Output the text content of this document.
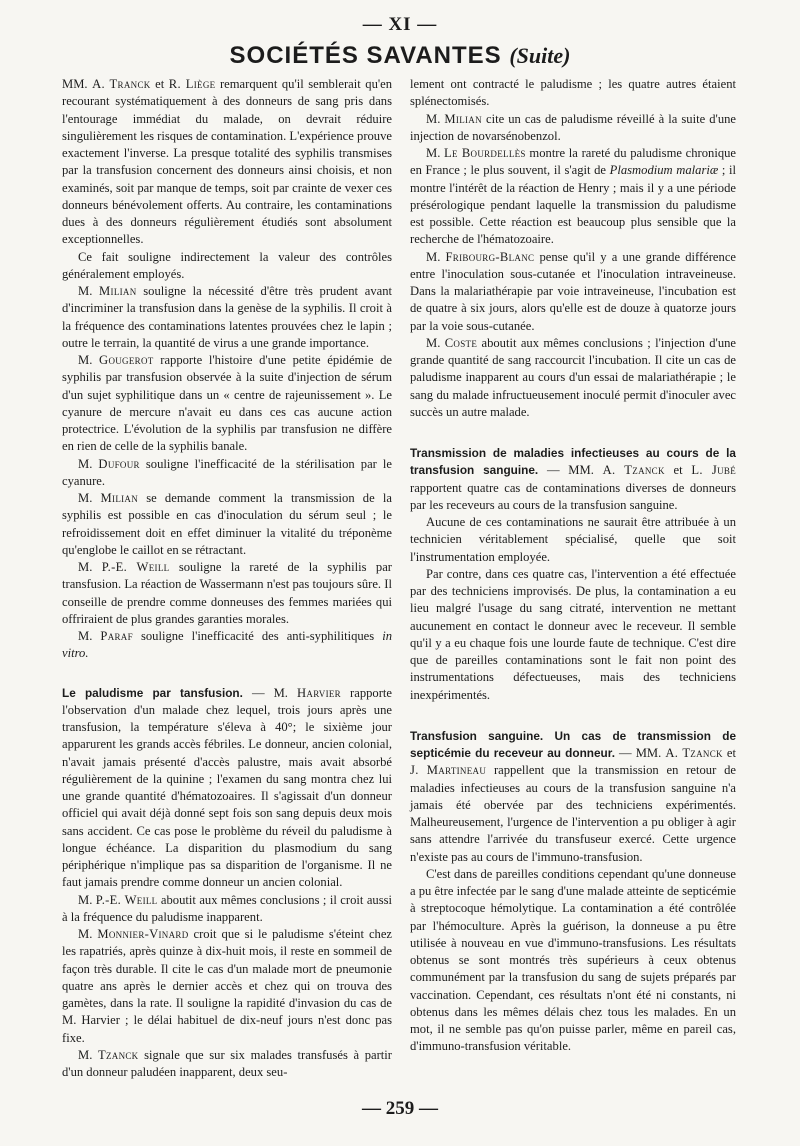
— XI —
SOCIÉTÉS SAVANTES (Suite)

MM. A. Tranck et R. Liège remarquent qu'il semblerait qu'en recourant systématiquement à des donneurs de sang pris dans l'entourage immédiat du malade, on devrait réduire singulièrement les risques de contamination. L'expérience prouve exactement l'inverse. La presque totalité des syphilis transmises par la transfusion concernent des donneurs ainsi choisis, et non examinés, soit par manque de temps, soit par crainte de vexer ces donneurs bénévolement offerts. Au contraire, les contaminations dues à des donneurs régulièrement étudiés sont absolument exceptionnelles.

Ce fait souligne indirectement la valeur des contrôles généralement employés.

M. Milian souligne la nécessité d'être très prudent avant d'incriminer la transfusion dans la genèse de la syphilis. Il croit à la fréquence des contaminations latentes prouvées chez le lapin ; outre le terrain, la quantité de virus a une grande importance.

M. Gougerot rapporte l'histoire d'une petite épidémie de syphilis par transfusion observée à la suite d'injection de sérum d'un sujet syphilitique dans un « centre de rajeunissement ». Le cyanure de mercure n'avait eu dans ces cas aucune action protectrice. L'évolution de la syphilis par transfusion ne diffère en rien de celle de la syphilis banale.

M. Dufour souligne l'inefficacité de la stérilisation par le cyanure.

M. Milian se demande comment la transmission de la syphilis est possible en cas d'inoculation du sérum seul ; le refroidissement doit en effet diminuer la vitalité du tréponème qu'englobe le caillot en se rétractant.

M. P.-E. Weill souligne la rareté de la syphilis par transfusion. La réaction de Wassermann n'est pas toujours sûre. Il conseille de prendre comme donneuses des femmes mariées qui offriraient de plus grandes garanties morales.

M. Paraf souligne l'inefficacité des anti-syphilitiques in vitro.

Le paludisme par tansfusion. — M. Harvier rapporte l'observation d'un malade chez lequel, trois jours après une transfusion, la température s'éleva à 40°; le sixième jour apparurent les grands accès fébriles. Le donneur, ancien colonial, n'avait jamais présenté d'accès palustre, mais avait absorbé régulièrement de la quinine ; l'examen du sang montra chez lui une grande quantité d'hématozoaires. Il s'agissait d'un donneur officiel qui avait déjà donné sept fois son sang depuis deux mois sans accident. Ce cas pose le problème du réveil du paludisme à longue échéance. La disparition du plasmodium du sang périphérique n'implique pas sa disparition de l'organisme. Il ne faut jamais prendre comme donneur un ancien colonial.

M. P.-E. Weill aboutit aux mêmes conclusions ; il croit aussi à la fréquence du paludisme inapparent.

M. Monnier-Vinard croit que si le paludisme s'éteint chez les rapatriés, après quinze à dix-huit mois, il reste en sommeil de façon très durable. Il cite le cas d'un malade mort de pneumonie quatre ans après le dernier accès et chez qui on trouva des gamètes, dans la rate. Il souligne la rapidité d'invasion du cas de M. Harvier ; le délai habituel de dix-neuf jours n'est donc pas fixe.

M. Tzanck signale que sur six malades transfusés à partir d'un donneur paludéen inapparent, deux seu-

lement ont contracté le paludisme ; les quatre autres étaient splénectomisés.

M. Milian cite un cas de paludisme réveillé à la suite d'une injection de novarsénobenzol.

M. Le Bourdellès montre la rareté du paludisme chronique en France ; le plus souvent, il s'agit de Plasmodium malariæ ; il montre l'intérêt de la réaction de Henry ; mais il y a une période présérologique pendant laquelle la transmission du paludisme est possible. Cette réaction est beaucoup plus sensible que la recherche de l'hématozoaire.

M. Fribourg-Blanc pense qu'il y a une grande différence entre l'inoculation sous-cutanée et l'inoculation intraveineuse. Dans la malariathérapie par voie intraveineuse, l'incubation est de quatre à six jours, alors qu'elle est de douze à quatorze jours par la voie sous-cutanée.

M. Coste aboutit aux mêmes conclusions ; l'injection d'une grande quantité de sang raccourcit l'incubation. Il cite un cas de paludisme inapparent au cours d'un essai de malariathérapie ; le sang du malade infructueusement inoculé permit d'inoculer avec succès un autre malade.

Transmission de maladies infectieuses au cours de la transfusion sanguine. — MM. A. Tzanck et L. Jubé rapportent quatre cas de contaminations diverses de donneurs par les receveurs au cours de la transfusion sanguine.

Aucune de ces contaminations ne saurait être attribuée à un technicien véritablement spécialisé, quelle que soit l'instrumentation employée.

Par contre, dans ces quatre cas, l'intervention a été effectuée par des techniciens improvisés. De plus, la contamination a eu lieu malgré l'usage du sang citraté, intervention ne mettant aucunement en contact le donneur avec le receveur. Il semble qu'il y a eu chaque fois une lourde faute de technique. C'est dire que de pareilles contaminations sont le fait non point des instrumentations défectueuses, mais des techniciens inexpérimentés.

Transfusion sanguine. Un cas de transmission de septicémie du receveur au donneur. — MM. A. Tzanck et J. Martineau rappellent que la transmission en retour de maladies infectieuses au cours de la transfusion sanguine n'a jamais été obervée par des techniciens expérimentés. Malheureusement, l'urgence de l'intervention a pu obliger à agir sans attendre l'arrivée du transfuseur exercé. Cette urgence n'existe pas au cours de l'immuno-transfusion.

C'est dans de pareilles conditions cependant qu'une donneuse a pu être infectée par le sang d'une malade atteinte de septicémie à streptocoque hémolytique. La contamination a été contrôlée par l'hémoculture. Après la guérison, la donneuse a pu être utilisée à nouveau en vue d'immuno-transfusions. Les résultats obtenus se sont montrés très supérieurs à ceux obtenus communément par la transfusion du sang de sujets préparés par vaccination. Cependant, ces résultats n'ont été ni constants, ni obtenus dans les mêmes délais chez tous les malades. En un mot, il ne semble pas qu'on puisse parler, même en pareil cas, d'immuno-transfusion véritable.

— 259 —
